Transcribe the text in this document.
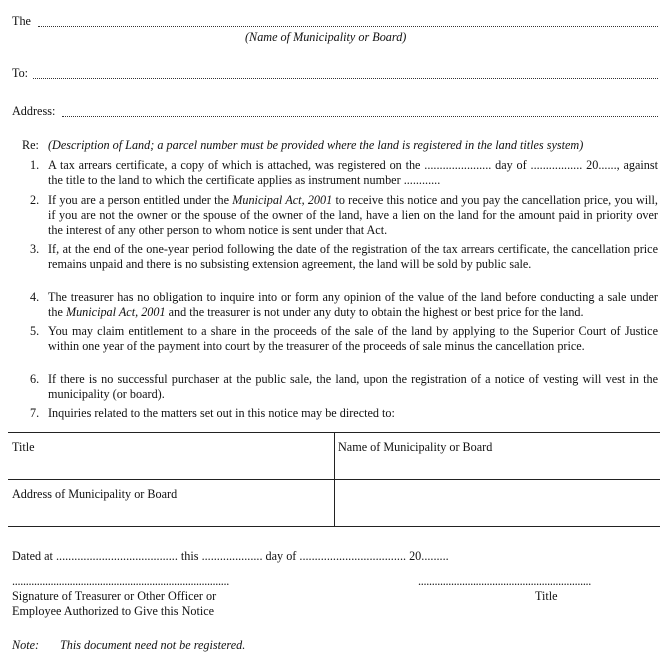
The
(Name of Municipality or Board)
To:
Address:
Re: (Description of Land; a parcel number must be provided where the land is registered in the land titles system)
1. A tax arrears certificate, a copy of which is attached, was registered on the ...................... day of ................. 20......, against the title to the land to which the certificate applies as instrument number ............
2. If you are a person entitled under the Municipal Act, 2001 to receive this notice and you pay the cancellation price, you will, if you are not the owner or the spouse of the owner of the land, have a lien on the land for the amount paid in priority over the interest of any other person to whom notice is sent under that Act.
3. If, at the end of the one-year period following the date of the registration of the tax arrears certificate, the cancellation price remains unpaid and there is no subsisting extension agreement, the land will be sold by public sale.
4. The treasurer has no obligation to inquire into or form any opinion of the value of the land before conducting a sale under the Municipal Act, 2001 and the treasurer is not under any duty to obtain the highest or best price for the land.
5. You may claim entitlement to a share in the proceeds of the sale of the land by applying to the Superior Court of Justice within one year of the payment into court by the treasurer of the proceeds of sale minus the cancellation price.
6. If there is no successful purchaser at the public sale, the land, upon the registration of a notice of vesting will vest in the municipality (or board).
7. Inquiries related to the matters set out in this notice may be directed to:
Title	Name of Municipality or Board
Address of Municipality or Board
Dated at ........................................ this .................... day of ................................... 20.........
...............................................................................	...............................................................
Signature of Treasurer or Other Officer or
Employee Authorized to Give this Notice
Title
Note: This document need not be registered.
